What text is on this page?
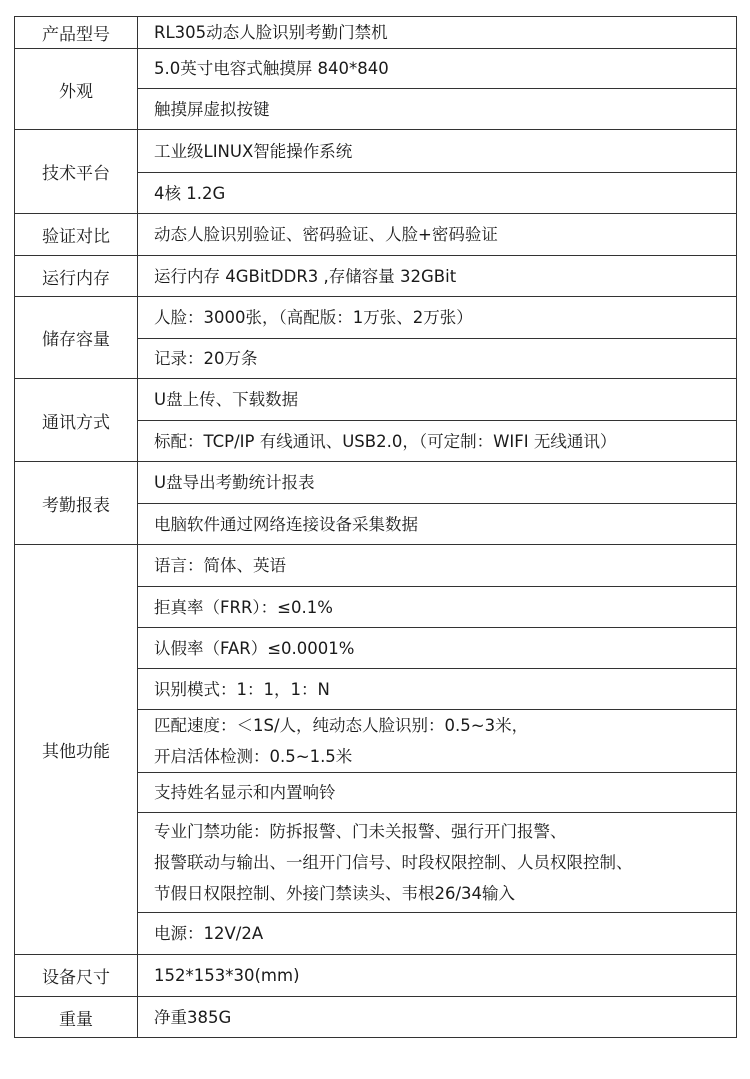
产品型号	RL305动态人脸识别考勤门禁机

外观	5.0英寸电容式触摸屏 840*840

	触摸屏虚拟按键

技术平台	工业级LINUX智能操作系统

	4核 1.2G

验证对比	动态人脸识别验证、密码验证、人脸+密码验证

运行内存	运行内存 4GBitDDR3 ,存储容量 32GBit

储存容量	人脸：3000张，（高配版：1万张、2万张）

	记录：20万条

通讯方式	U盘上传、下载数据

	标配：TCP/IP 有线通讯、USB2.0，（可定制：WIFI 无线通讯）

考勤报表	U盘导出考勤统计报表

	电脑软件通过网络连接设备采集数据

其他功能	语言：简体、英语

	拒真率（FRR）：≤0.1%

	认假率（FAR）≤0.0001%

	识别模式：1：1，1：N

	匹配速度：＜1S/人，纯动态人脸识别：0.5~3米，
开启活体检测：0.5~1.5米

	支持姓名显示和内置响铃

	专业门禁功能：防拆报警、门未关报警、强行开门报警、
报警联动与输出、一组开门信号、时段权限控制、人员权限控制、
节假日权限控制、外接门禁读头、韦根26/34输入

	电源：12V/2A

设备尺寸	152*153*30(mm)

重量	净重385G
